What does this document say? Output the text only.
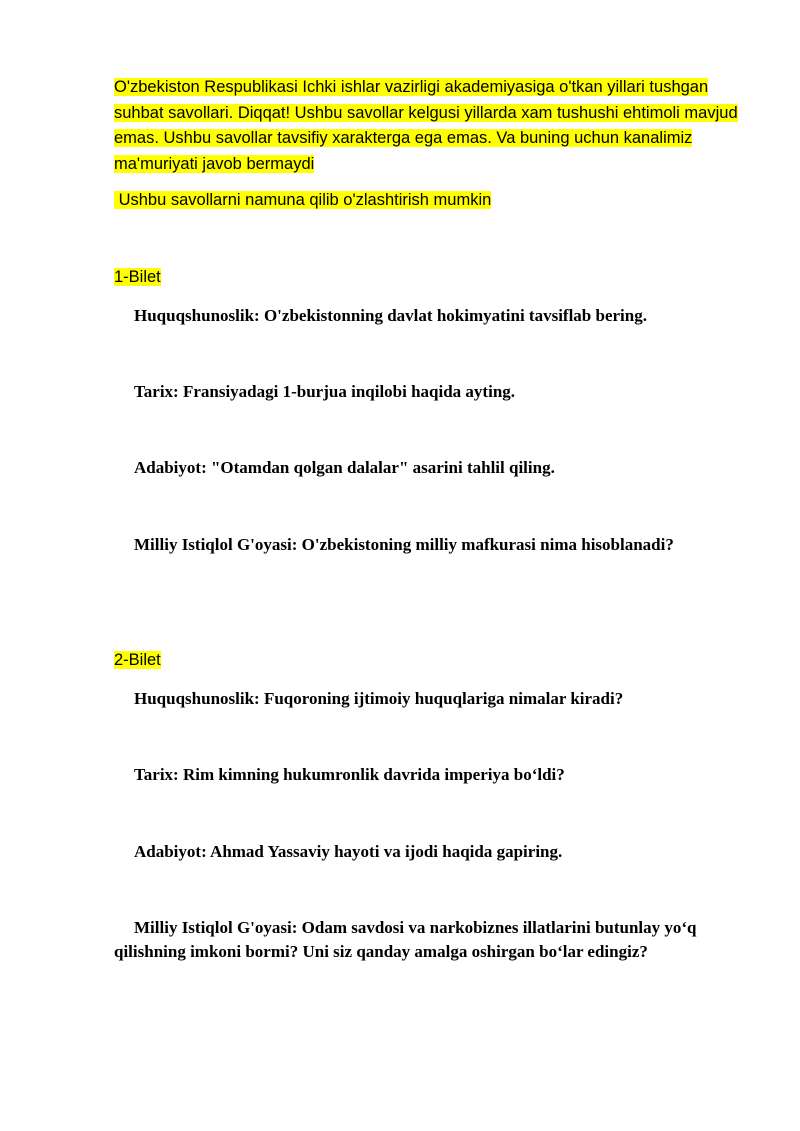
O'zbekiston Respublikasi Ichki ishlar vazirligi akademiyasiga o'tkan yillari tushgan suhbat savollari. Diqqat! Ushbu savollar kelgusi yillarda xam tushushi ehtimoli mavjud emas. Ushbu savollar tavsifiy xarakterga ega emas. Va buning uchun kanalimiz ma'muriyati javob bermaydi
Ushbu savollarni namuna qilib o'zlashtirish mumkin
1-Bilet
Huquqshunoslik: O'zbekistonning davlat hokimyatini tavsiflab bering.
Tarix: Fransiyadagi 1-burjua inqilobi haqida ayting.
Adabiyot: "Otamdan qolgan dalalar" asarini tahlil qiling.
Milliy Istiqlol G'oyasi: O'zbekistoning milliy mafkurasi nima hisoblanadi?
2-Bilet
Huquqshunoslik: Fuqoroning ijtimoiy huquqlariga nimalar kiradi?
Tarix: Rim kimning hukumronlik davrida imperiya bo‘ldi?
Adabiyot: Ahmad Yassaviy hayoti va ijodi haqida gapiring.
Milliy Istiqlol G'oyasi: Odam savdosi va narkobiznes illatlarini butunlay yo‘q qilishning imkoni bormi? Uni siz qanday amalga oshirgan bo‘lar edingiz?
